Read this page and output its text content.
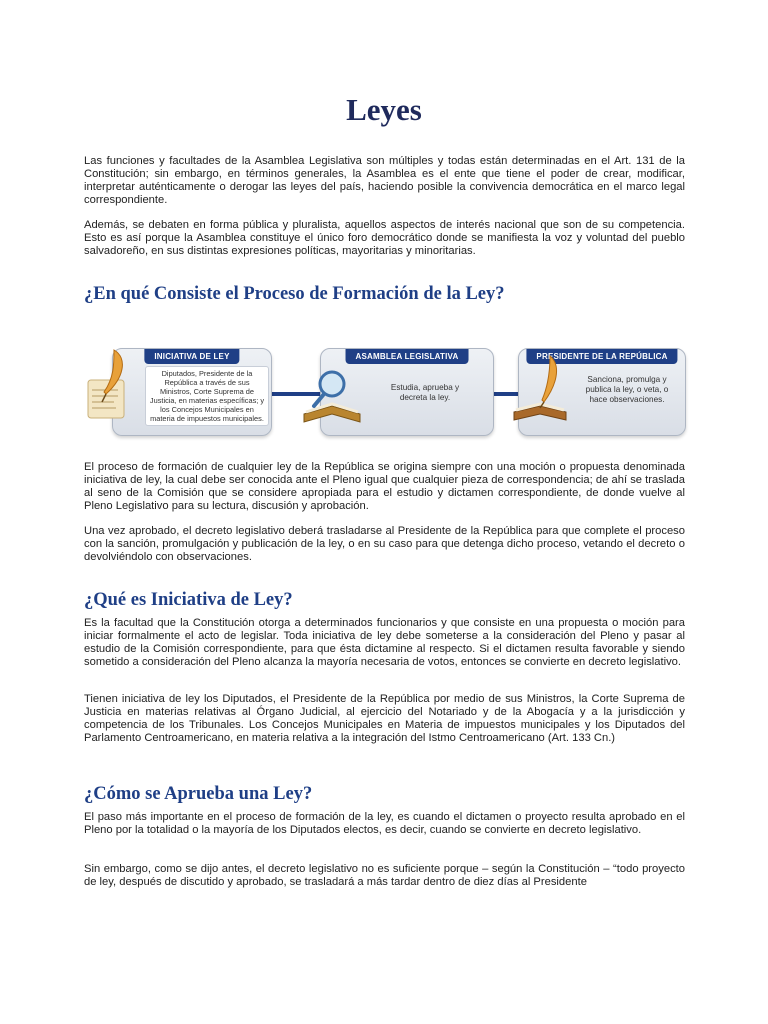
Leyes

Las funciones y facultades de la Asamblea Legislativa son múltiples y todas están determinadas en el Art. 131 de la Constitución; sin embargo, en términos generales, la Asamblea es el ente que tiene el poder de crear, modificar, interpretar auténticamente o derogar las leyes del país, haciendo posible la convivencia democrática en el marco legal correspondiente.

Además, se debaten en forma pública y pluralista, aquellos aspectos de interés nacional que son de su competencia. Esto es así porque la Asamblea constituye el único foro democrático donde se manifiesta la voz y voluntad del pueblo salvadoreño, en sus distintas expresiones políticas, mayoritarias y minoritarias.

¿En qué Consiste el Proceso de Formación de la Ley?
INICIATIVA DE LEY
Diputados, Presidente de la República a través de sus Ministros, Corte Suprema de Justicia, en materias específicas; y los Concejos Municipales en materia de impuestos municipales.
ASAMBLEA LEGISLATIVA
Estudia, aprueba y decreta la ley.
PRESIDENTE DE LA REPÚBLICA
Sanciona, promulga y publica la ley, o veta, o hace observaciones.

El proceso de formación de cualquier ley de la República se origina siempre con una moción o propuesta denominada iniciativa de ley, la cual debe ser conocida ante el Pleno igual que cualquier pieza de correspondencia; de ahí se traslada al seno de la Comisión que se considere apropiada para el estudio y dictamen correspondiente, de donde vuelve al Pleno Legislativo para su lectura, discusión y aprobación.

Una vez aprobado, el decreto legislativo deberá trasladarse al Presidente de la República para que complete el proceso con la sanción, promulgación y publicación de la ley, o en su caso para que detenga dicho proceso, vetando el decreto o devolviéndolo con observaciones.

¿Qué es Iniciativa de Ley?

Es la facultad que la Constitución otorga a determinados funcionarios y que consiste en una propuesta o moción para iniciar formalmente el acto de legislar. Toda iniciativa de ley debe someterse a la consideración del Pleno y pasar al estudio de la Comisión correspondiente, para que ésta dictamine al respecto. Si el dictamen resulta favorable y siendo sometido a consideración del Pleno alcanza la mayoría necesaria de votos, entonces se convierte en decreto legislativo.

Tienen iniciativa de ley los Diputados, el Presidente de la República por medio de sus Ministros, la Corte Suprema de Justicia en materias relativas al Órgano Judicial, al ejercicio del Notariado y de la Abogacía y a la jurisdicción y competencia de los Tribunales. Los Concejos Municipales en Materia de impuestos municipales y los Diputados del Parlamento Centroamericano, en materia relativa a la integración del Istmo Centroamericano (Art. 133 Cn.)

¿Cómo se Aprueba una Ley?

El paso más importante en el proceso de formación de la ley, es cuando el dictamen o proyecto resulta aprobado en el Pleno por la totalidad o la mayoría de los Diputados electos, es decir, cuando se convierte en decreto legislativo.

Sin embargo, como se dijo antes, el decreto legislativo no es suficiente porque – según la Constitución – “todo proyecto de ley, después de discutido y aprobado, se trasladará a más tardar dentro de diez días al Presidente
